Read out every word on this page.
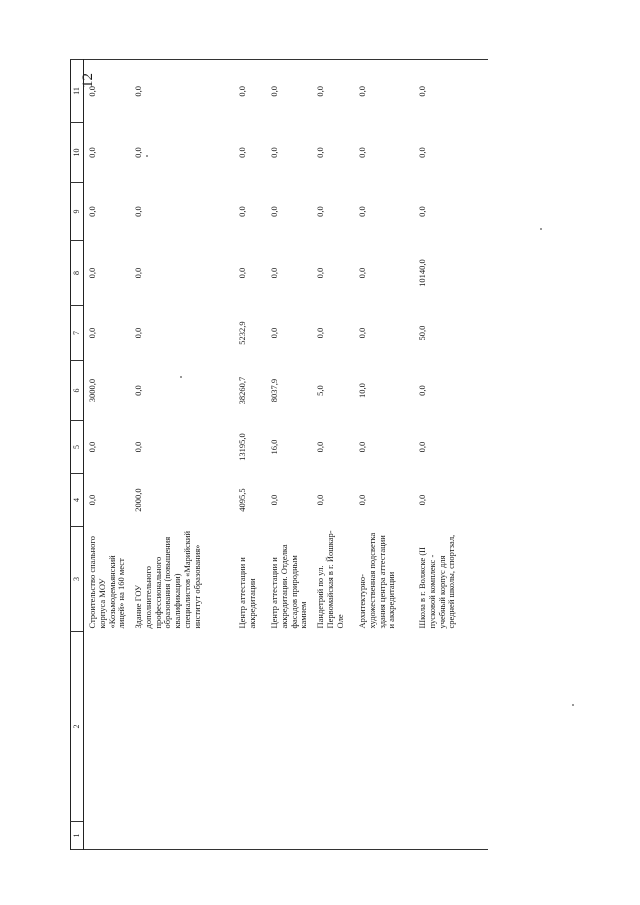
12
1	2	3	4	5	6	7	8	9	10	11
		Строительство спального корпуса МОУ «Козьмодемьянский лицей» на 160 мест	0,0	0,0	3000,0	0,0	0,0	0,0	0,0	0,0
		Здание ГОУ дополнительного профессионального образования (повышения квалификации) специалистов «Марийский институт образования»	2000,0	0,0	0,0	0,0	0,0	0,0	0,0	0,0
		Центр аттестации и аккредитации	4095,5	13195,0	38260,7	5232,9	0,0	0,0	0,0	0,0
		Центр аттестации и аккредитации. Отделка фасадов природным камнем	0,0	16,0	8037,9	0,0	0,0	0,0	0,0	0,0
		Пандетрий по ул. Первомайская в г. Йошкар-Оле	0,0	0,0	5,0	0,0	0,0	0,0	0,0	0,0
		Архитектурно-художественная подсветка здания центра аттестации и аккредитации	0,0	0,0	10,0	0,0	0,0	0,0	0,0	0,0
		Школа в г. Волжске (II пусковой комплекс - учебный корпус для средней школы, спортзал,	0,0	0,0	0,0	50,0	10140,0	0,0	0,0	0,0
